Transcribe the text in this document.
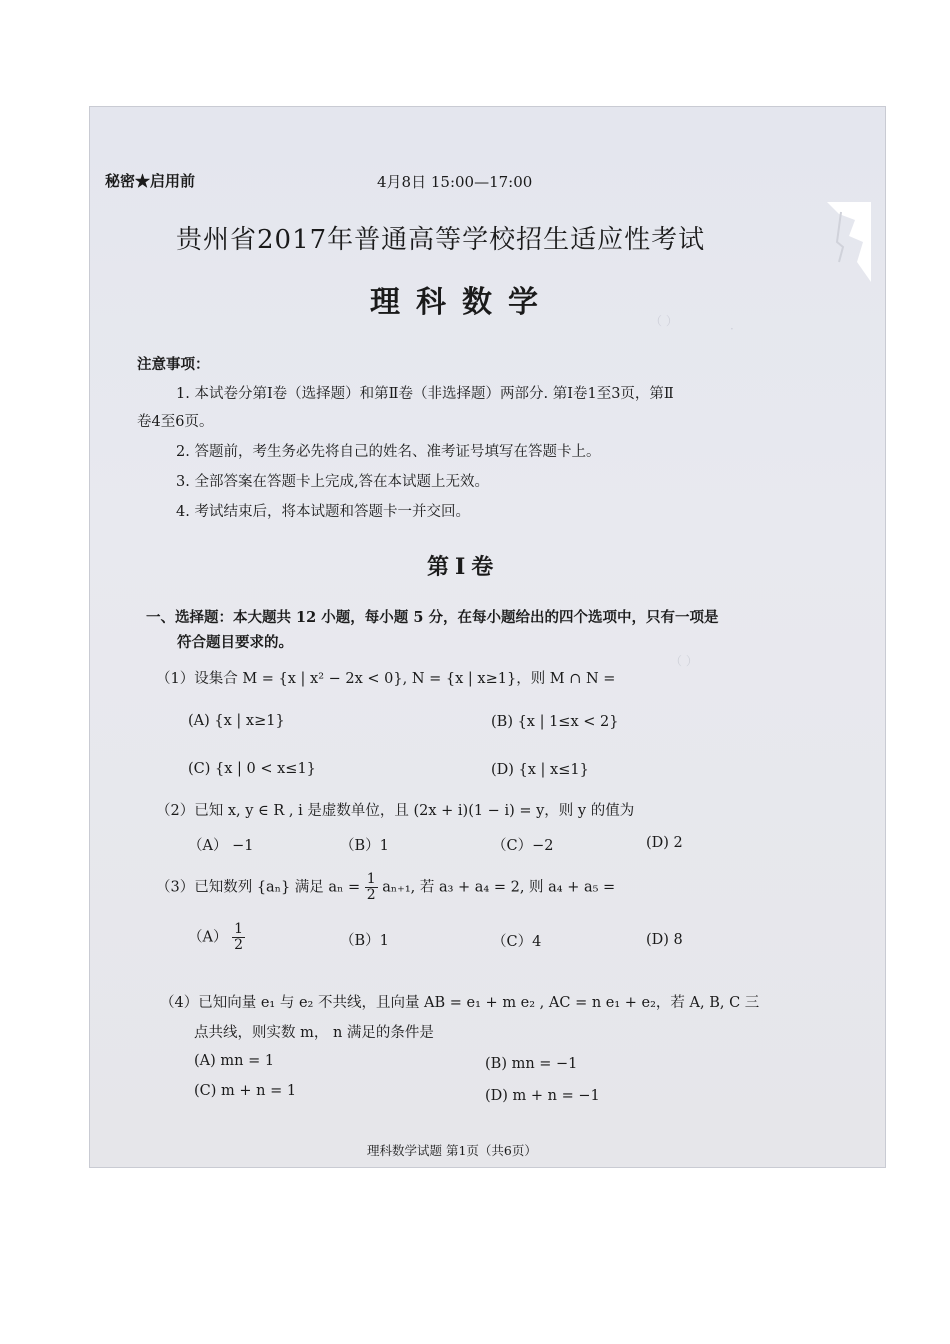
（ ）
（ ）
·
秘密★启用前	4月8日 15:00—17:00
贵州省2017年普通高等学校招生适应性考试
理科数学
注意事项：
1. 本试卷分第Ⅰ卷（选择题）和第Ⅱ卷（非选择题）两部分. 第Ⅰ卷1至3页，第Ⅱ
卷4至6页。
2. 答题前，考生务必先将自己的姓名、准考证号填写在答题卡上。
3. 全部答案在答题卡上完成,答在本试题上无效。
4. 考试结束后，将本试题和答题卡一并交回。
第Ⅰ卷
一、选择题：本大题共 12 小题，每小题 5 分，在每小题给出的四个选项中，只有一项是
符合题目要求的。
（1）设集合 M = {x | x² − 2x < 0}, N = {x | x≥1}，则 M ∩ N =
(A) {x | x≥1}	(B) {x | 1≤x < 2}
(C) {x | 0 < x≤1}	(D) {x | x≤1}
（2）已知 x, y ∈ R , i 是虚数单位，且 (2x + i)(1 − i) = y，则 y 的值为
（A） −1	（B）1	（C）−2	(D) 2
（3）已知数列 {aₙ} 满足 $a_n = \frac{1}{2} a_{n+1}$, 若 a₃ + a₄ = 2, 则 a₄ + a₅ =
$(A) \frac{1}{2}$	（B）1	（C）4	(D) 8
（4）已知向量 e₁ 与 e₂ 不共线，且向量 AB = e₁ + m e₂ , AC = n e₁ + e₂，若 A, B, C 三
点共线，则实数 m， n 满足的条件是
(A) mn = 1	(B) mn = −1
(C) m + n = 1	(D) m + n = −1
理科数学试题 第1页（共6页）
